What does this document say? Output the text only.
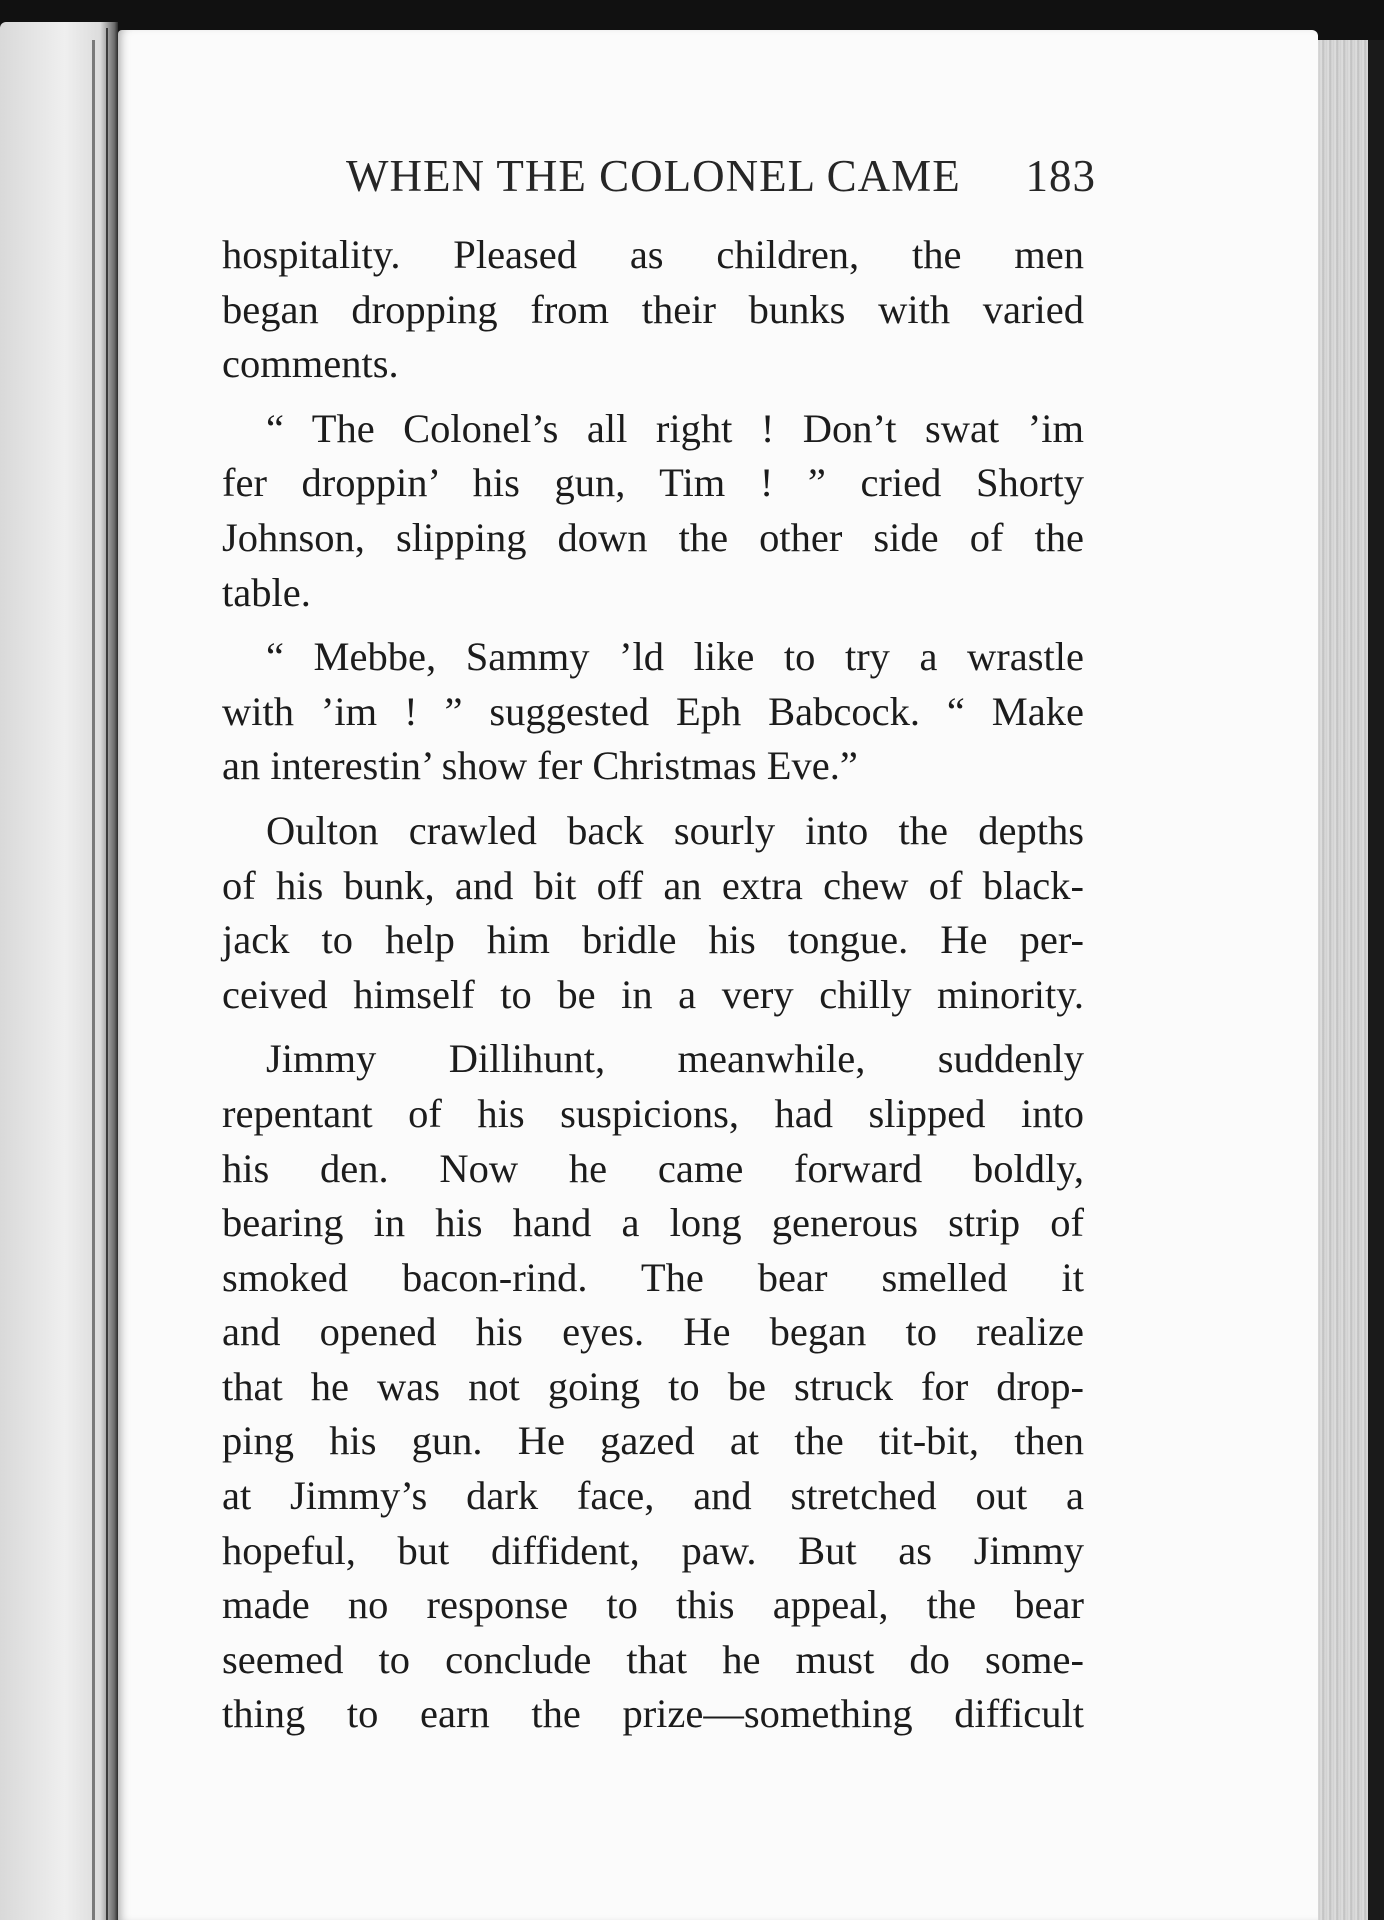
WHEN THE COLONEL CAME 183
hospitality. Pleased as children, the men
began dropping from their bunks with varied
comments.
“ The Colonel’s all right ! Don’t swat ’im
fer droppin’ his gun, Tim ! ” cried Shorty
Johnson, slipping down the other side of the
table.
“ Mebbe, Sammy ’ld like to try a wrastle
with ’im ! ” suggested Eph Babcock. “ Make
an interestin’ show fer Christmas Eve.”
Oulton crawled back sourly into the depths
of his bunk, and bit off an extra chew of black-
jack to help him bridle his tongue. He per-
ceived himself to be in a very chilly minority.
Jimmy Dillihunt, meanwhile, suddenly
repentant of his suspicions, had slipped into
his den. Now he came forward boldly,
bearing in his hand a long generous strip of
smoked bacon-rind. The bear smelled it
and opened his eyes. He began to realize
that he was not going to be struck for drop-
ping his gun. He gazed at the tit-bit, then
at Jimmy’s dark face, and stretched out a
hopeful, but diffident, paw. But as Jimmy
made no response to this appeal, the bear
seemed to conclude that he must do some-
thing to earn the prize—something difficult
